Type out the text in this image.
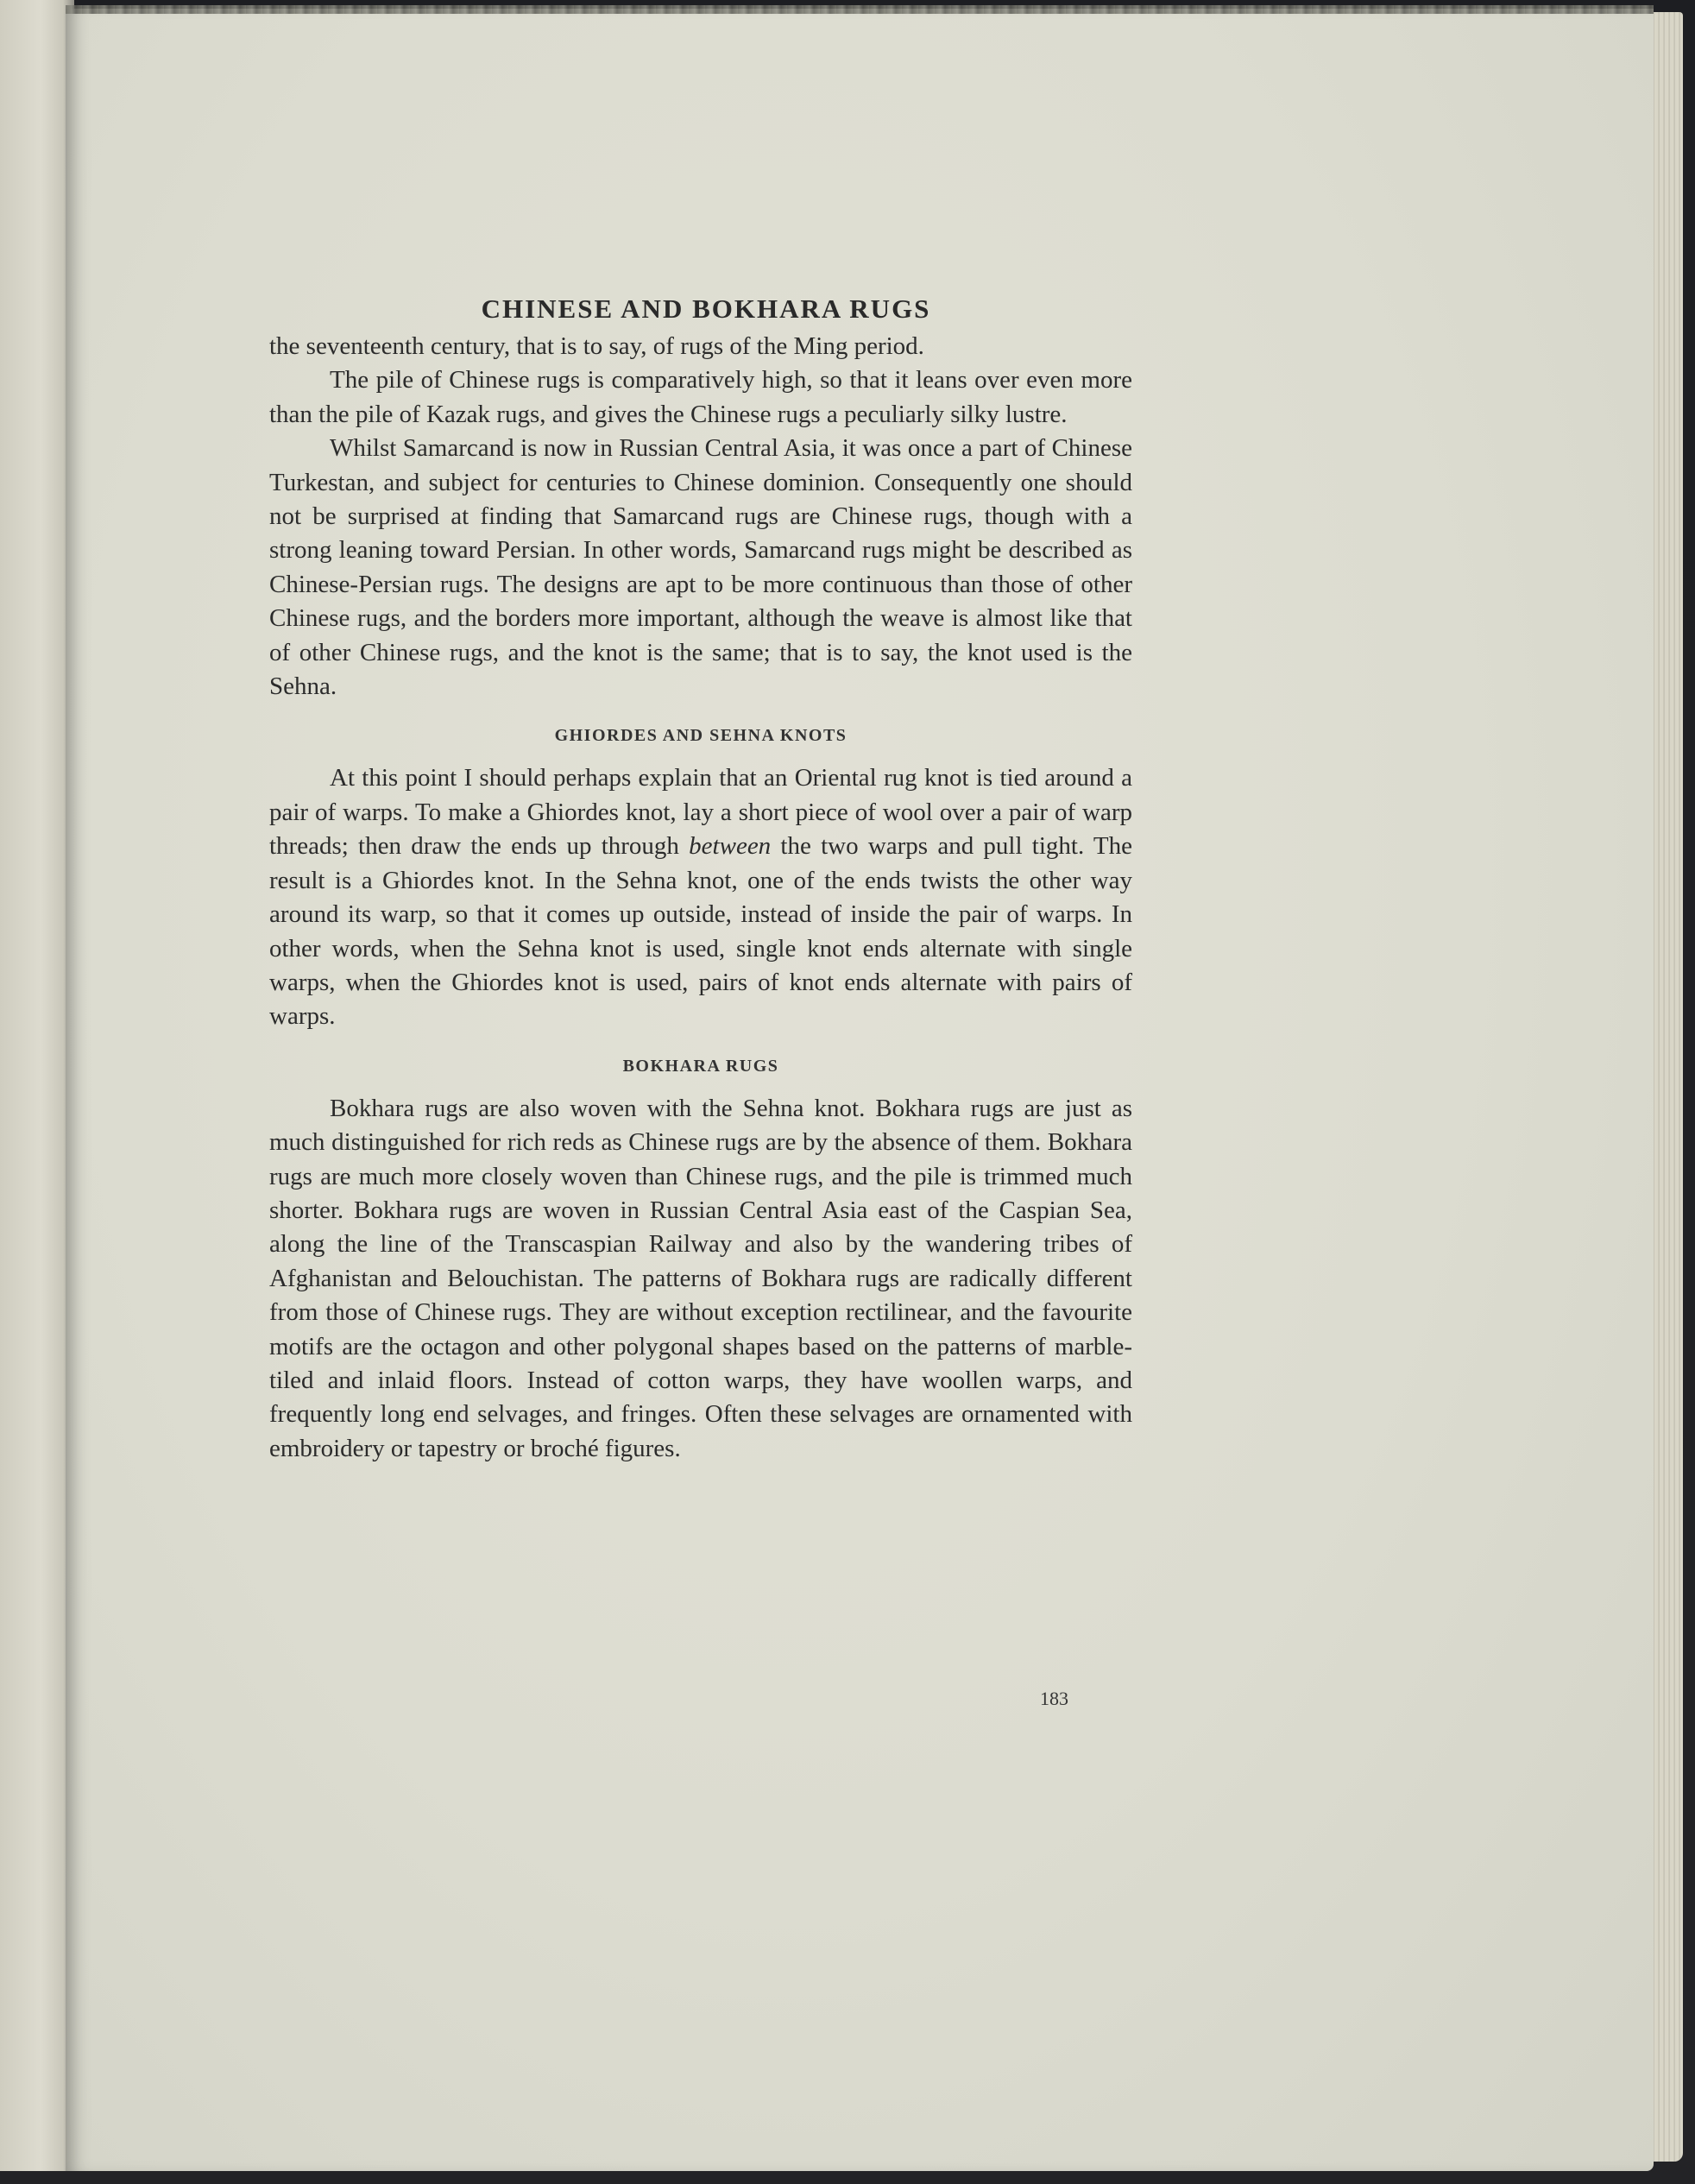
CHINESE AND BOKHARA RUGS

the seventeenth century, that is to say, of rugs of the Ming period.

The pile of Chinese rugs is comparatively high, so that it leans over even more than the pile of Kazak rugs, and gives the Chinese rugs a peculiarly silky lustre.

Whilst Samarcand is now in Russian Central Asia, it was once a part of Chinese Turkestan, and subject for centuries to Chinese dominion. Consequently one should not be surprised at finding that Samarcand rugs are Chinese rugs, though with a strong leaning toward Persian. In other words, Samarcand rugs might be described as Chinese-Persian rugs. The designs are apt to be more continuous than those of other Chinese rugs, and the borders more important, although the weave is almost like that of other Chinese rugs, and the knot is the same; that is to say, the knot used is the Sehna.

GHIORDES AND SEHNA KNOTS

At this point I should perhaps explain that an Oriental rug knot is tied around a pair of warps. To make a Ghiordes knot, lay a short piece of wool over a pair of warp threads; then draw the ends up through between the two warps and pull tight. The result is a Ghiordes knot. In the Sehna knot, one of the ends twists the other way around its warp, so that it comes up outside, instead of inside the pair of warps. In other words, when the Sehna knot is used, single knot ends alternate with single warps, when the Ghiordes knot is used, pairs of knot ends alternate with pairs of warps.

BOKHARA RUGS

Bokhara rugs are also woven with the Sehna knot. Bokhara rugs are just as much distinguished for rich reds as Chinese rugs are by the absence of them. Bokhara rugs are much more closely woven than Chinese rugs, and the pile is trimmed much shorter. Bokhara rugs are woven in Russian Central Asia east of the Caspian Sea, along the line of the Transcaspian Railway and also by the wandering tribes of Afghanistan and Belouchistan. The patterns of Bokhara rugs are radically different from those of Chinese rugs. They are without exception rectilinear, and the favourite motifs are the octagon and other polygonal shapes based on the patterns of marble-tiled and inlaid floors. Instead of cotton warps, they have woollen warps, and frequently long end selvages, and fringes. Often these selvages are ornamented with embroidery or tapestry or broché figures.

183
